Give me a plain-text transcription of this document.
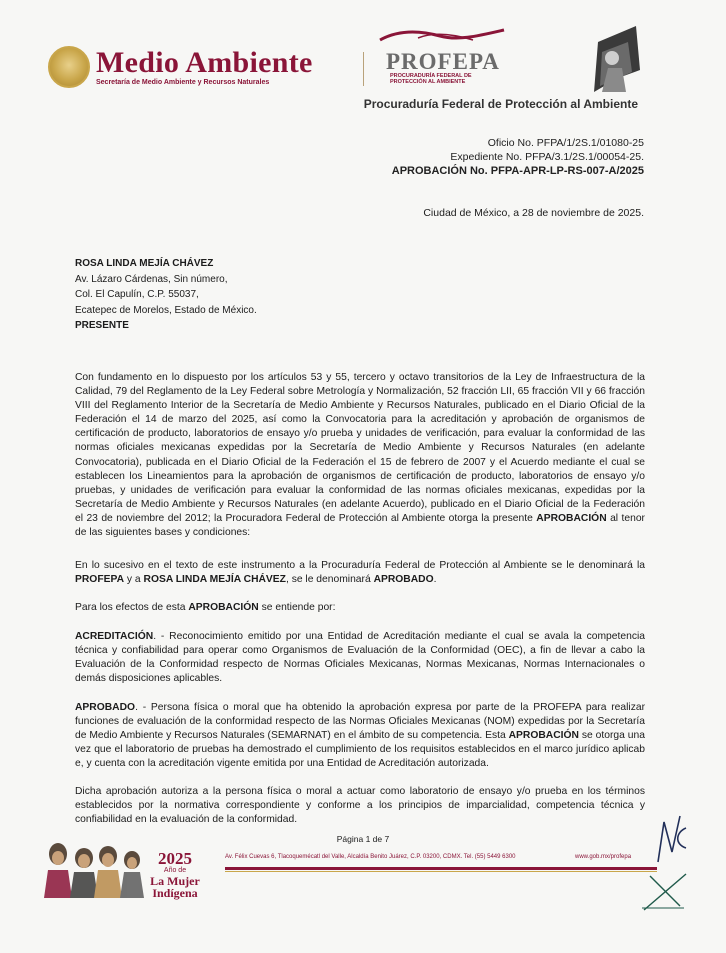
Medio Ambiente
Secretaría de Medio Ambiente y Recursos Naturales
PROFEPA
PROCURADURÍA FEDERAL DE
PROTECCIÓN AL AMBIENTE
Procuraduría Federal de Protección al Ambiente
Oficio No. PFPA/1/2S.1/01080-25
Expediente No. PFPA/3.1/2S.1/00054-25.
APROBACIÓN No. PFPA-APR-LP-RS-007-A/2025
Ciudad de México, a 28 de noviembre de 2025.
ROSA LINDA MEJÍA CHÁVEZ
Av. Lázaro Cárdenas, Sin número,
Col. El Capulín, C.P. 55037,
Ecatepec de Morelos, Estado de México.
PRESENTE
Con fundamento en lo dispuesto por los artículos 53 y 55, tercero y octavo transitorios de la Ley de Infraestructura de la Calidad, 79 del Reglamento de la Ley Federal sobre Metrología y Normalización, 52 fracción LII, 65 fracción VII y 66 fracción VIII del Reglamento Interior de la Secretaría de Medio Ambiente y Recursos Naturales, publicado en el Diario Oficial de la Federación el 14 de marzo del 2025, así como la Convocatoria para la acreditación y aprobación de organismos de certificación de producto, laboratorios de ensayo y/o prueba y unidades de verificación, para evaluar la conformidad de las normas oficiales mexicanas expedidas por la Secretaría de Medio Ambiente y Recursos Naturales (en adelante Convocatoria), publicada en el Diario Oficial de la Federación el 15 de febrero de 2007 y el Acuerdo mediante el cual se establecen los Lineamientos para la aprobación de organismos de certificación de producto, laboratorios de ensayo y/o pruebas, y unidades de verificación para evaluar la conformidad de las normas oficiales mexicanas, expedidas por la Secretaría de Medio Ambiente y Recursos Naturales (en adelante Acuerdo), publicado en el Diario Oficial de la Federación el 23 de noviembre del 2012; la Procuradora Federal de Protección al Ambiente otorga la presente APROBACIÓN al tenor de las siguientes bases y condiciones:
En lo sucesivo en el texto de este instrumento a la Procuraduría Federal de Protección al Ambiente se le denominará la PROFEPA y a ROSA LINDA MEJÍA CHÁVEZ, se le denominará APROBADO.
Para los efectos de esta APROBACIÓN se entiende por:
ACREDITACIÓN. - Reconocimiento emitido por una Entidad de Acreditación mediante el cual se avala la competencia técnica y confiabilidad para operar como Organismos de Evaluación de la Conformidad (OEC), a fin de llevar a cabo la Evaluación de la Conformidad respecto de Normas Oficiales Mexicanas, Normas Mexicanas, Normas Internacionales o demás disposiciones aplicables.
APROBADO. - Persona física o moral que ha obtenido la aprobación expresa por parte de la PROFEPA para realizar funciones de evaluación de la conformidad respecto de las Normas Oficiales Mexicanas (NOM) expedidas por la Secretaría de Medio Ambiente y Recursos Naturales (SEMARNAT) en el ámbito de su competencia. Esta APROBACIÓN se otorga una vez que el laboratorio de pruebas ha demostrado el cumplimiento de los requisitos establecidos en el marco jurídico aplicab e, y cuenta con la acreditación vigente emitida por una Entidad de Acreditación autorizada.
Dicha aprobación autoriza a la persona física o moral a actuar como laboratorio de ensayo y/o prueba en los términos establecidos por la normativa correspondiente y conforme a los principios de imparcialidad, competencia técnica y confiabilidad en la evaluación de la conformidad.
Página 1 de 7
2025
Año de
La Mujer
Indígena
Av. Félix Cuevas 6, Tlacoquemécatl del Valle, Alcaldía Benito Juárez, C.P. 03200, CDMX. Tel. (55) 5449 6300	www.gob.mx/profepa
